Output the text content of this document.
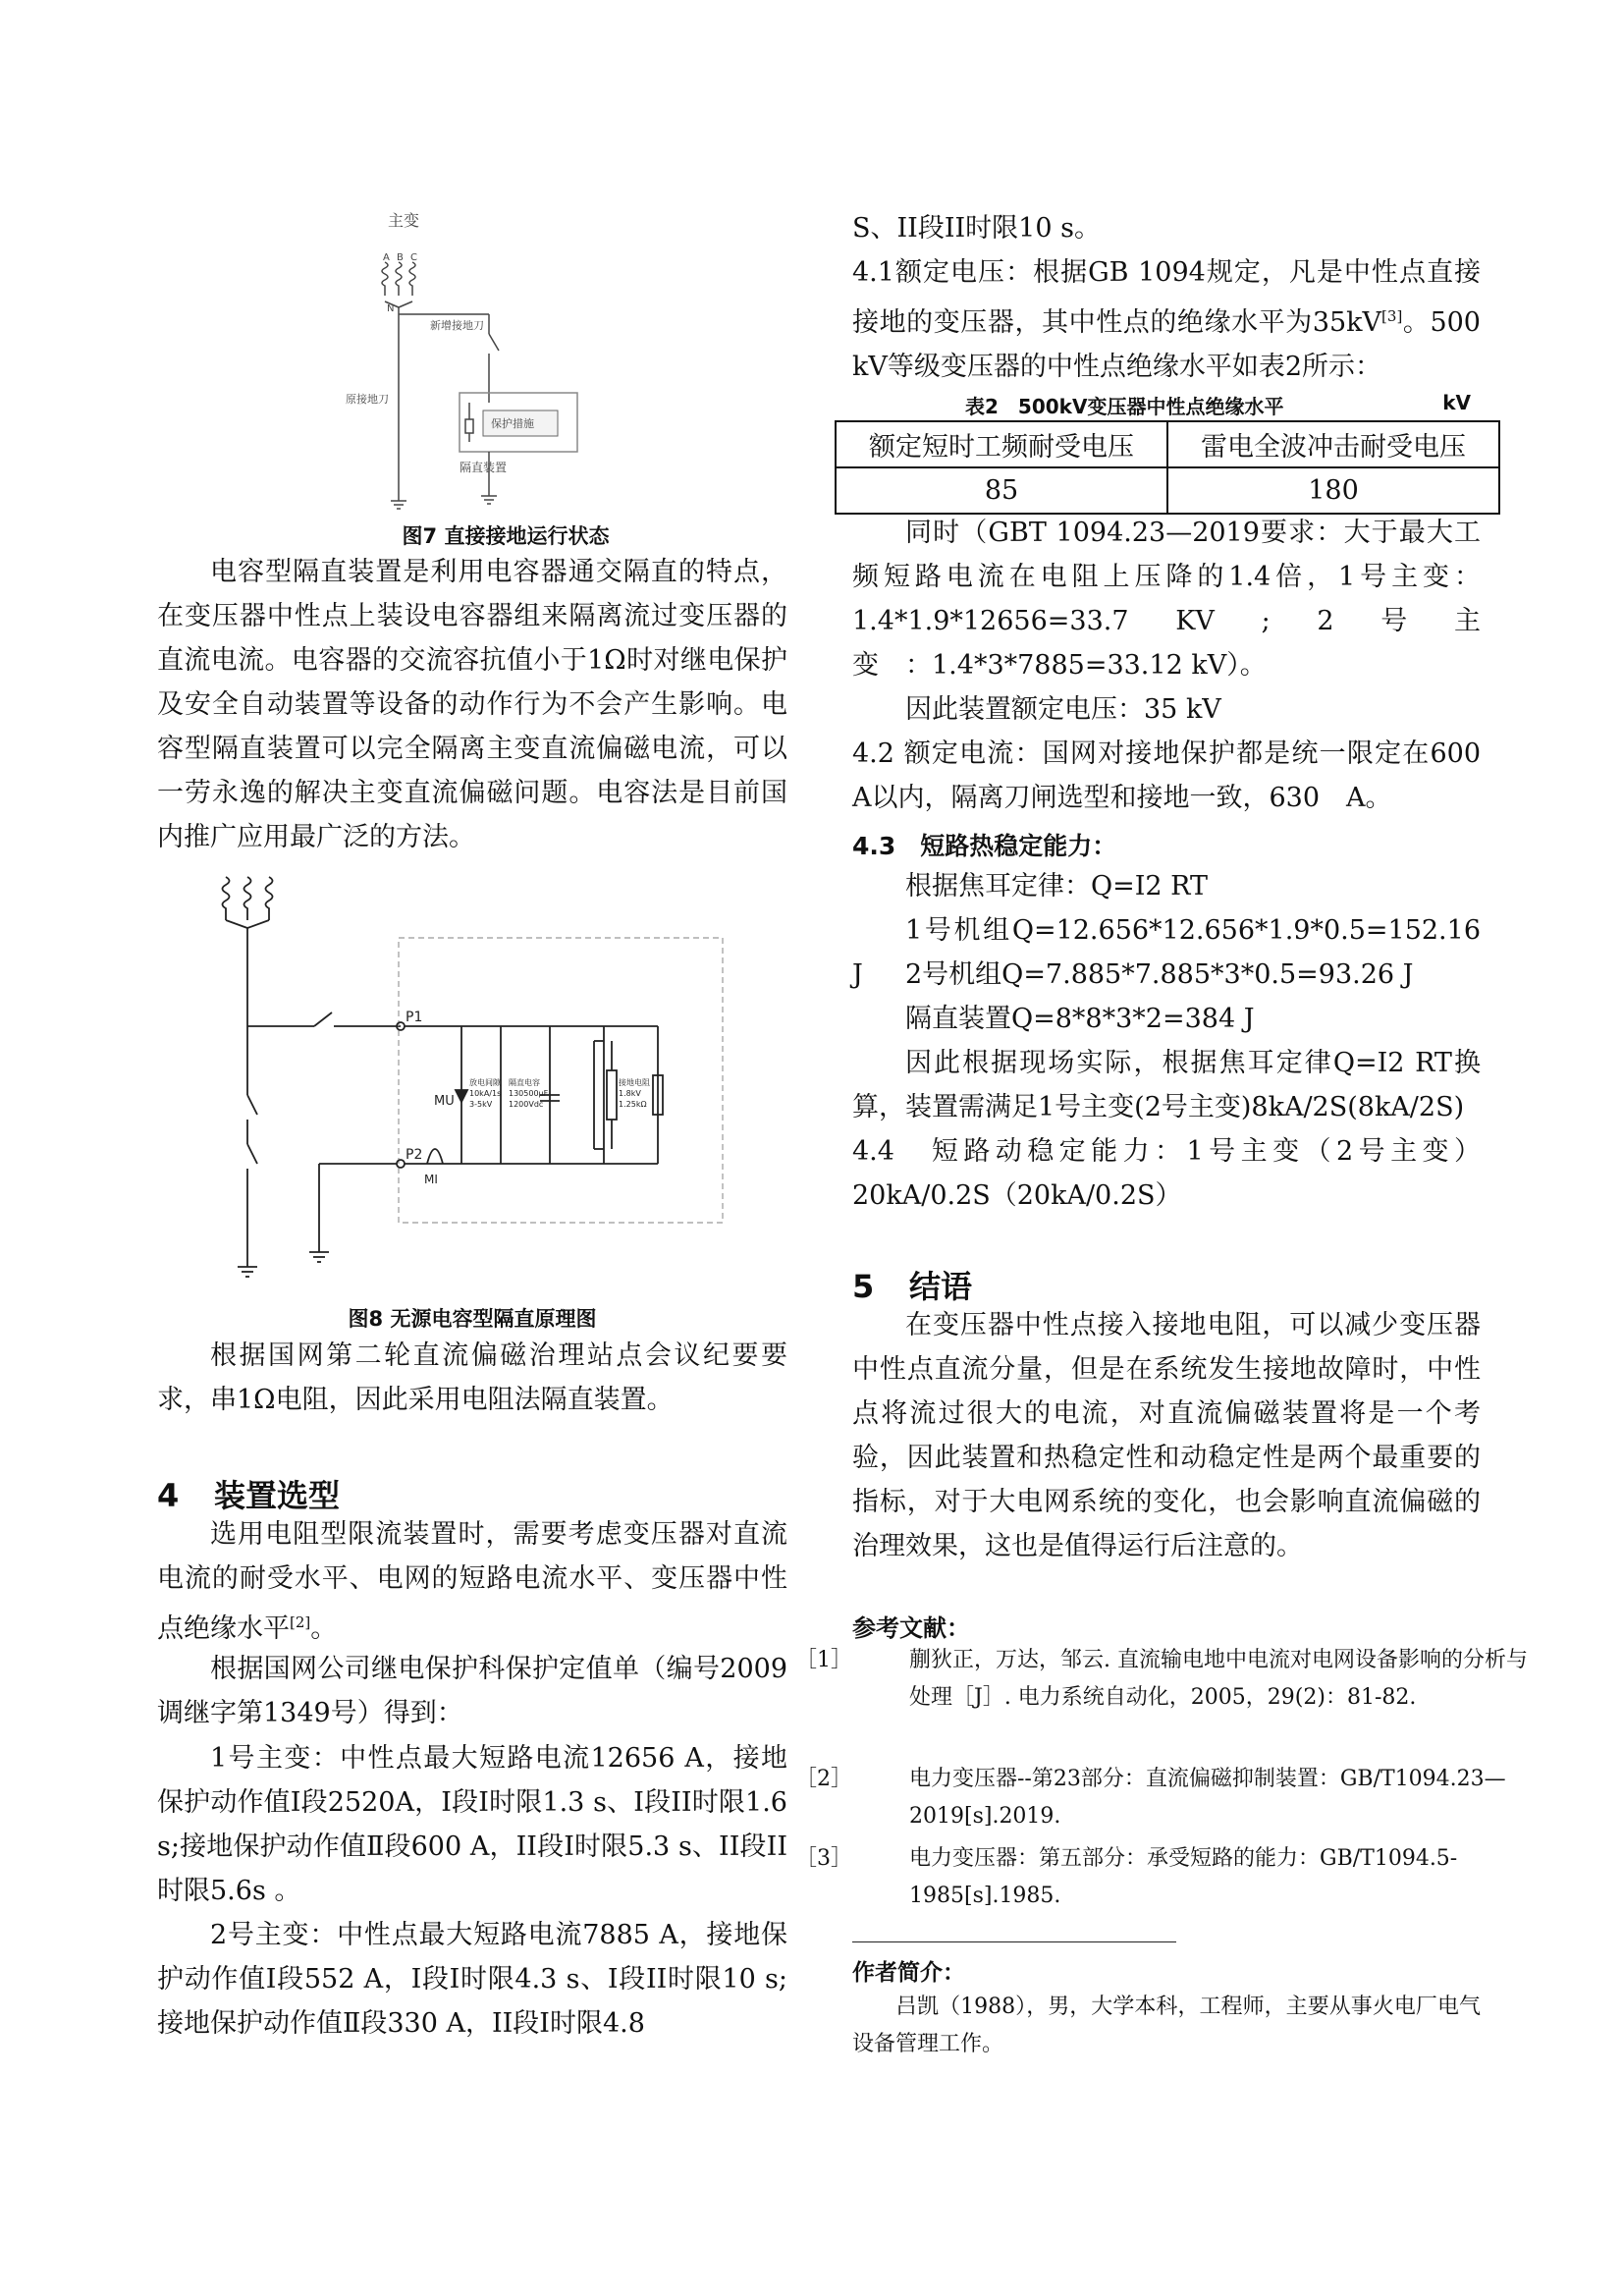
主变
A B C
N
新增接地刀
原接地刀
保护措施
隔直装置
图7 直接接地运行状态
电容型隔直装置是利用电容器通交隔直的特点，在变压器中性点上装设电容器组来隔离流过变压器的直流电流。电容器的交流容抗值小于1Ω时对继电保护及安全自动装置等设备的动作行为不会产生影响。电容型隔直装置可以完全隔离主变直流偏磁电流，可以一劳永逸的解决主变直流偏磁问题。电容法是目前国内推广应用最广泛的方法。
P1
P2
MU
MI
放电间隙
10kA/1s
3-5kV
隔直电容
130500μF
1200Vdc
接地电阻
1.8kV
1.25kΩ
图8 无源电容型隔直原理图
根据国网第二轮直流偏磁治理站点会议纪要要求，串1Ω电阻，因此采用电阻法隔直装置。
4 装置选型
选用电阻型限流装置时，需要考虑变压器对直流电流的耐受水平、电网的短路电流水平、变压器中性点绝缘水平[2]。
根据国网公司继电保护科保护定值单（编号2009调继字第1349号）得到：
1号主变：中性点最大短路电流12656 A，接地保护动作值Ⅰ段2520A，I段I时限1.3 s、I段II时限1.6 s;接地保护动作值Ⅱ段600 A，II段I时限5.3 s、II段II时限5.6s 。
2号主变：中性点最大短路电流7885 A，接地保护动作值Ⅰ段552 A，I段I时限4.3 s、I段II时限10 s;接地保护动作值Ⅱ段330 A，II段I时限4.8
S、II段II时限10 s。
4.1额定电压：根据GB 1094规定，凡是中性点直接接地的变压器，其中性点的绝缘水平为35kV[3]。500 kV等级变压器的中性点绝缘水平如表2所示：
表2　500kV变压器中性点绝缘水平	kV
额定短时工频耐受电压	雷电全波冲击耐受电压
85	180
同时（GBT 1094.23—2019要求：大于最大工频短路电流在电阻上压降的1.4倍，1号主变：1.4*1.9*12656=33.7　KV　;　2　号　主　变　：1.4*3*7885=33.12 kV）。
因此装置额定电压：35 kV
4.2 额定电流：国网对接地保护都是统一限定在600 A以内，隔离刀闸选型和接地一致，630　A。
4.3　短路热稳定能力：
根据焦耳定律：Q=I2 RT
1号机组Q=12.656*12.656*1.9*0.5=152.16 J	2号机组Q=7.885*7.885*3*0.5=93.26 J
隔直装置Q=8*8*3*2=384 J
因此根据现场实际，根据焦耳定律Q=I2 RT换算，装置需满足1号主变(2号主变)8kA/2S(8kA/2S)
4.4　短路动稳定能力：1号主变（2号主变）20kA/0.2S（20kA/0.2S）
5 结语
在变压器中性点接入接地电阻，可以减少变压器中性点直流分量，但是在系统发生接地故障时，中性点将流过很大的电流，对直流偏磁装置将是一个考验，因此装置和热稳定性和动稳定性是两个最重要的指标，对于大电网系统的变化，也会影响直流偏磁的治理效果，这也是值得运行后注意的。
参考文献：
［1］	蒯狄正，万达，邹云. 直流输电地中电流对电网设备影响的分析与处理［J］. 电力系统自动化，2005，29(2)：81-82.
［2］	电力变压器--第23部分：直流偏磁抑制装置：GB/T1094.23—2019[s].2019.
［3］	电力变压器：第五部分：承受短路的能力：GB/T1094.5-1985[s].1985.
作者简介：
吕凯（1988），男，大学本科，工程师，主要从事火电厂电气设备管理工作。
